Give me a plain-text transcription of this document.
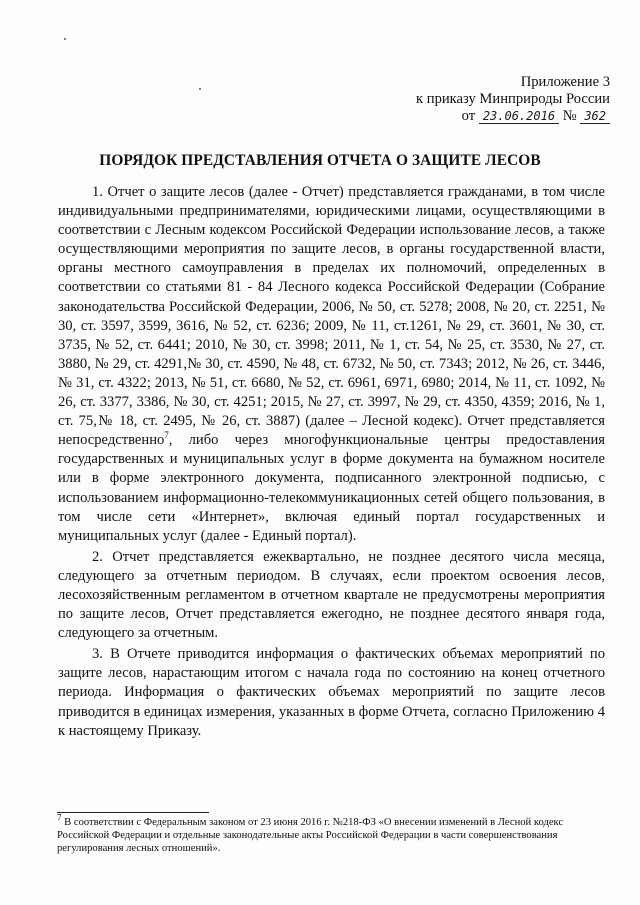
Приложение 3
к приказу Минприроды России
от 23.06.2016 № 362
ПОРЯДОК ПРЕДСТАВЛЕНИЯ ОТЧЕТА О ЗАЩИТЕ ЛЕСОВ

1. Отчет о защите лесов (далее - Отчет) представляется гражданами, в том числе индивидуальными предпринимателями, юридическими лицами, осуществляющими в соответствии с Лесным кодексом Российской Федерации использование лесов, а также осуществляющими мероприятия по защите лесов, в органы государственной власти, органы местного самоуправления в пределах их полномочий, определенных в соответствии со статьями 81 - 84 Лесного кодекса Российской Федерации (Собрание законодательства Российской Федерации, 2006, № 50, ст. 5278; 2008, № 20, ст. 2251, № 30, ст. 3597, 3599, 3616, № 52, ст. 6236; 2009, № 11, ст.1261, № 29, ст. 3601, № 30, ст. 3735, № 52, ст. 6441; 2010, № 30, ст. 3998; 2011, № 1, ст. 54, № 25, ст. 3530, № 27, ст. 3880, № 29, ст. 4291,№ 30, ст. 4590, № 48, ст. 6732, № 50, ст. 7343; 2012, № 26, ст. 3446, № 31, ст. 4322; 2013, № 51, ст. 6680, № 52, ст. 6961, 6971, 6980; 2014, № 11, ст. 1092, № 26, ст. 3377, 3386, № 30, ст. 4251; 2015, № 27, ст. 3997, № 29, ст. 4350, 4359; 2016, № 1, ст. 75,№ 18, ст. 2495, № 26, ст. 3887) (далее – Лесной кодекс). Отчет представляется непосредственно$^7$, либо через многофункциональные центры предоставления государственных и муниципальных услуг в форме документа на бумажном носителе или в форме электронного документа, подписанного электронной подписью, с использованием информационно-телекоммуникационных сетей общего пользования, в том числе сети «Интернет», включая единый портал государственных и муниципальных услуг (далее - Единый портал).

2. Отчет представляется ежеквартально, не позднее десятого числа месяца, следующего за отчетным периодом. В случаях, если проектом освоения лесов, лесохозяйственным регламентом в отчетном квартале не предусмотрены мероприятия по защите лесов, Отчет представляется ежегодно, не позднее десятого января года, следующего за отчетным.

3. В Отчете приводится информация о фактических объемах мероприятий по защите лесов, нарастающим итогом с начала года по состоянию на конец отчетного периода. Информация о фактических объемах мероприятий по защите лесов приводится в единицах измерения, указанных в форме Отчета, согласно Приложению 4 к настоящему Приказу.

$^7$ В соответствии с Федеральным законом от 23 июня 2016 г. №218-ФЗ «О внесении изменений в Лесной кодекс Российской Федерации и отдельные законодательные акты Российской Федерации в части совершенствования регулирования лесных отношений».
